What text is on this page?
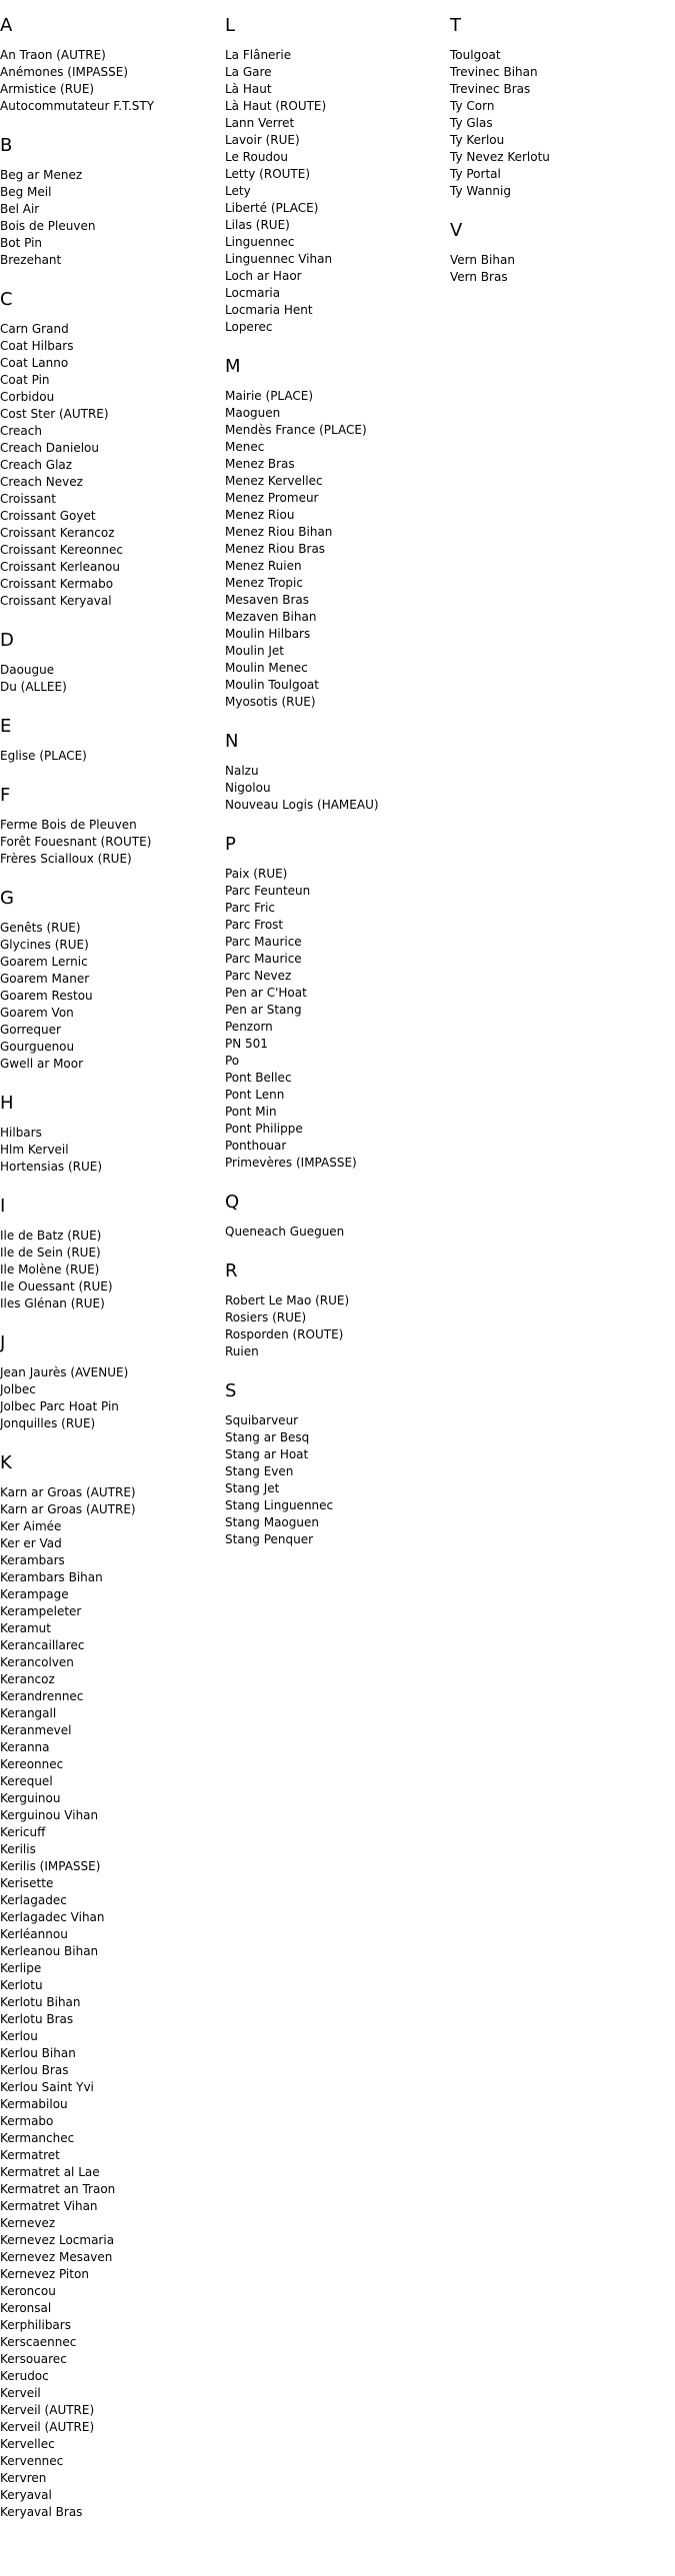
A
An Traon (AUTRE)
Anémones (IMPASSE)
Armistice (RUE)
Autocommutateur F.T.STY
B
Beg ar Menez
Beg Meil
Bel Air
Bois de Pleuven
Bot Pin
Brezehant
C
Carn Grand
Coat Hilbars
Coat Lanno
Coat Pin
Corbidou
Cost Ster (AUTRE)
Creach
Creach Danielou
Creach Glaz
Creach Nevez
Croissant
Croissant Goyet
Croissant Kerancoz
Croissant Kereonnec
Croissant Kerleanou
Croissant Kermabo
Croissant Keryaval
D
Daougue
Du (ALLEE)
E
Eglise (PLACE)
F
Ferme Bois de Pleuven
Forêt Fouesnant (ROUTE)
Frères Scialloux (RUE)
G
Genêts (RUE)
Glycines (RUE)
Goarem Lernic
Goarem Maner
Goarem Restou
Goarem Von
Gorrequer
Gourguenou
Gwell ar Moor
H
Hilbars
Hlm Kerveil
Hortensias (RUE)
I
Ile de Batz (RUE)
Ile de Sein (RUE)
Ile Molène (RUE)
Ile Ouessant (RUE)
Iles Glénan (RUE)
J
Jean Jaurès (AVENUE)
Jolbec
Jolbec Parc Hoat Pin
Jonquilles (RUE)
K
Karn ar Groas (AUTRE)
Karn ar Groas (AUTRE)
Ker Aimée
Ker er Vad
Kerambars
Kerambars Bihan
Kerampage
Kerampeleter
Keramut
Kerancaillarec
Kerancolven
Kerancoz
Kerandrennec
Kerangall
Keranmevel
Keranna
Kereonnec
Kerequel
Kerguinou
Kerguinou Vihan
Kericuff
Kerilis
Kerilis (IMPASSE)
Kerisette
Kerlagadec
Kerlagadec Vihan
Kerléannou
Kerleanou Bihan
Kerlipe
Kerlotu
Kerlotu Bihan
Kerlotu Bras
Kerlou
Kerlou Bihan
Kerlou Bras
Kerlou Saint Yvi
Kermabilou
Kermabo
Kermanchec
Kermatret
Kermatret al Lae
Kermatret an Traon
Kermatret Vihan
Kernevez
Kernevez Locmaria
Kernevez Mesaven
Kernevez Piton
Keroncou
Keronsal
Kerphilibars
Kerscaennec
Kersouarec
Kerudoc
Kerveil
Kerveil (AUTRE)
Kerveil (AUTRE)
Kervellec
Kervennec
Kervren
Keryaval
Keryaval Bras
L
La Flânerie
La Gare
Là Haut
Là Haut (ROUTE)
Lann Verret
Lavoir (RUE)
Le Roudou
Letty (ROUTE)
Lety
Liberté (PLACE)
Lilas (RUE)
Linguennec
Linguennec Vihan
Loch ar Haor
Locmaria
Locmaria Hent
Loperec
M
Mairie (PLACE)
Maoguen
Mendès France (PLACE)
Menec
Menez Bras
Menez Kervellec
Menez Promeur
Menez Riou
Menez Riou Bihan
Menez Riou Bras
Menez Ruien
Menez Tropic
Mesaven Bras
Mezaven Bihan
Moulin Hilbars
Moulin Jet
Moulin Menec
Moulin Toulgoat
Myosotis (RUE)
N
Nalzu
Nigolou
Nouveau Logis (HAMEAU)
P
Paix (RUE)
Parc Feunteun
Parc Fric
Parc Frost
Parc Maurice
Parc Maurice
Parc Nevez
Pen ar C'Hoat
Pen ar Stang
Penzorn
PN 501
Po
Pont Bellec
Pont Lenn
Pont Min
Pont Philippe
Ponthouar
Primevères (IMPASSE)
Q
Queneach Gueguen
R
Robert Le Mao (RUE)
Rosiers (RUE)
Rosporden (ROUTE)
Ruien
S
Squibarveur
Stang ar Besq
Stang ar Hoat
Stang Even
Stang Jet
Stang Linguennec
Stang Maoguen
Stang Penquer
T
Toulgoat
Trevinec Bihan
Trevinec Bras
Ty Corn
Ty Glas
Ty Kerlou
Ty Nevez Kerlotu
Ty Portal
Ty Wannig
V
Vern Bihan
Vern Bras
